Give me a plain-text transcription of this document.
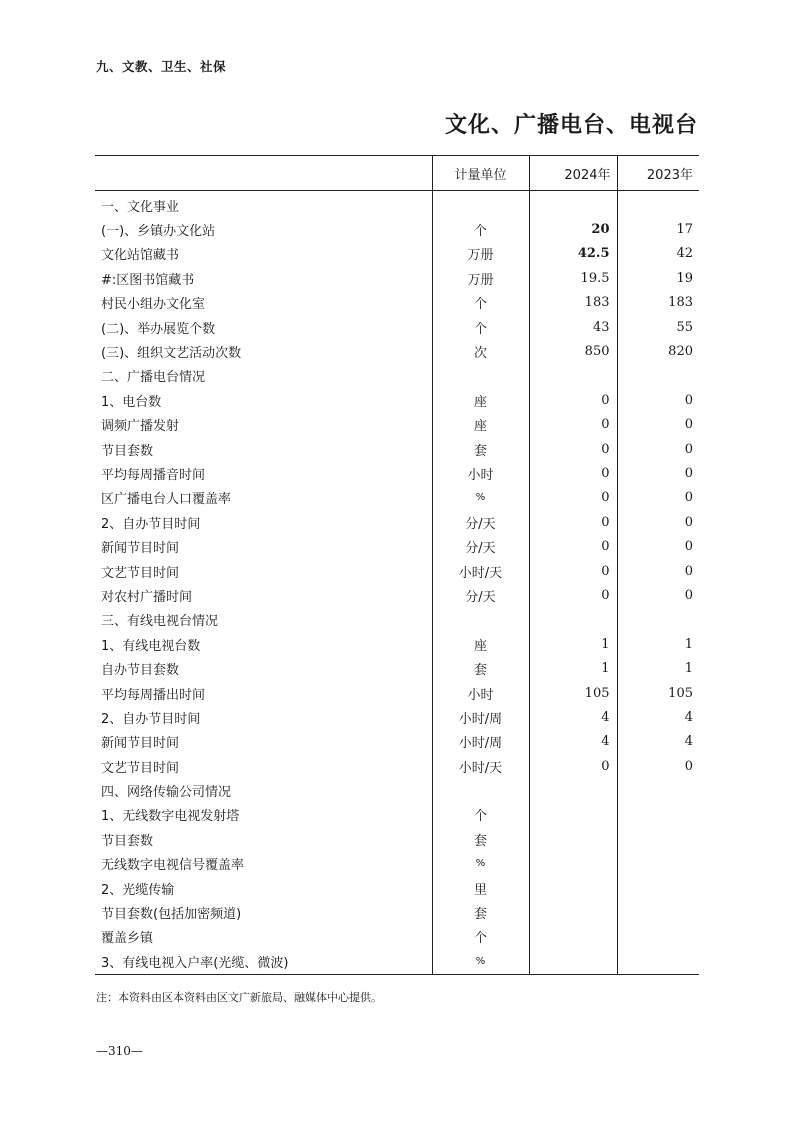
九、文教、卫生、社保
文化、广播电台、电视台
	计量单位	2024年	2023年
一、文化事业			
(一)、乡镇办文化站	个	20	17
文化站馆藏书	万册	42.5	42
#:区图书馆藏书	万册	19.5	19
村民小组办文化室	个	183	183
(二)、举办展览个数	个	43	55
(三)、组织文艺活动次数	次	850	820
二、广播电台情况			
1、电台数	座	0	0
调频广播发射	座	0	0
节目套数	套	0	0
平均每周播音时间	小时	0	0
区广播电台人口覆盖率	%	0	0
2、自办节目时间	分/天	0	0
新闻节目时间	分/天	0	0
文艺节目时间	小时/天	0	0
对农村广播时间	分/天	0	0
三、有线电视台情况			
1、有线电视台数	座	1	1
自办节目套数	套	1	1
平均每周播出时间	小时	105	105
2、自办节目时间	小时/周	4	4
新闻节目时间	小时/周	4	4
文艺节目时间	小时/天	0	0
四、网络传输公司情况			
1、无线数字电视发射塔	个		
节目套数	套		
无线数字电视信号覆盖率	%		
2、光缆传输	里		
节目套数(包括加密频道)	套		
覆盖乡镇	个		
3、有线电视入户率(光缆、微波)	%		
注：本资料由区本资料由区文广新旅局、融媒体中心提供。
—310—
